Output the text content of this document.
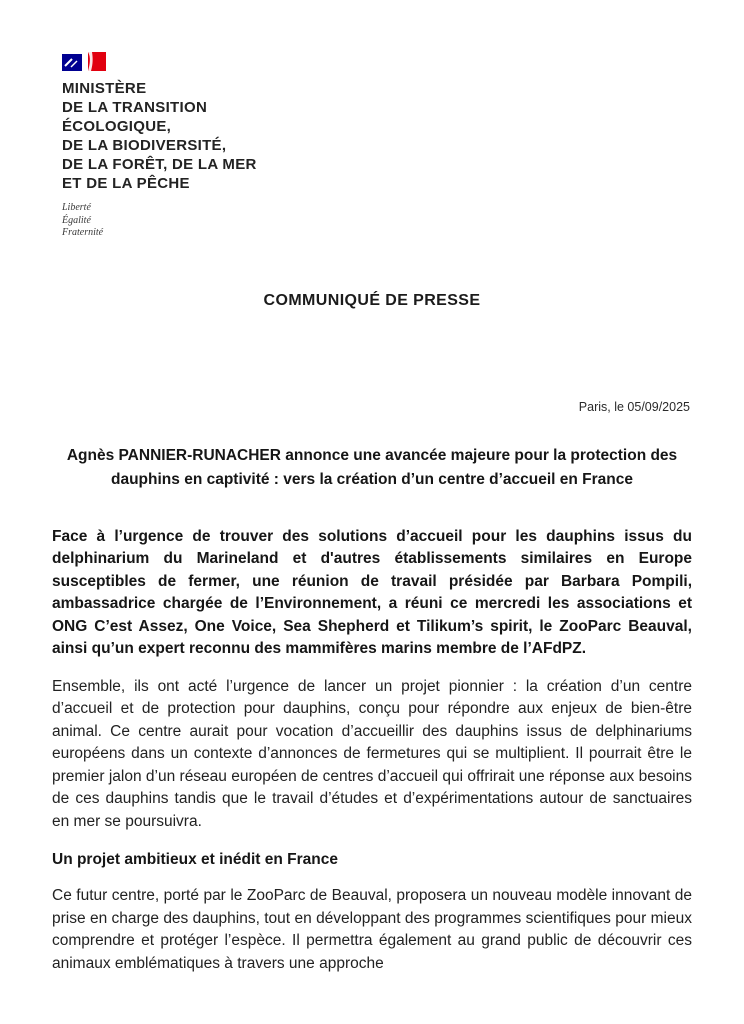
MINISTÈRE
DE LA TRANSITION
ÉCOLOGIQUE,
DE LA BIODIVERSITÉ,
DE LA FORÊT, DE LA MER
ET DE LA PÊCHE
Liberté
Égalité
Fraternité
COMMUNIQUÉ DE PRESSE
Paris, le 05/09/2025
Agnès PANNIER-RUNACHER annonce une avancée majeure pour la protection des dauphins en captivité : vers la création d’un centre d’accueil en France

Face à l’urgence de trouver des solutions d’accueil pour les dauphins issus du delphinarium du Marineland et d'autres établissements similaires en Europe susceptibles de fermer, une réunion de travail présidée par Barbara Pompili, ambassadrice chargée de l’Environnement, a réuni ce mercredi les associations et ONG C’est Assez, One Voice, Sea Shepherd et Tilikum’s spirit, le ZooParc Beauval, ainsi qu’un expert reconnu des mammifères marins membre de l’AFdPZ.

Ensemble, ils ont acté l’urgence de lancer un projet pionnier : la création d’un centre d’accueil et de protection pour dauphins, conçu pour répondre aux enjeux de bien-être animal. Ce centre aurait pour vocation d’accueillir des dauphins issus de delphinariums européens dans un contexte d’annonces de fermetures qui se multiplient. Il pourrait être le premier jalon d’un réseau européen de centres d’accueil qui offrirait une réponse aux besoins de ces dauphins tandis que le travail d’études et d’expérimentations autour de sanctuaires en mer se poursuivra.

Un projet ambitieux et inédit en France

Ce futur centre, porté par le ZooParc de Beauval, proposera un nouveau modèle innovant de prise en charge des dauphins, tout en développant des programmes scientifiques pour mieux comprendre et protéger l’espèce. Il permettra également au grand public de découvrir ces animaux emblématiques à travers une approche
